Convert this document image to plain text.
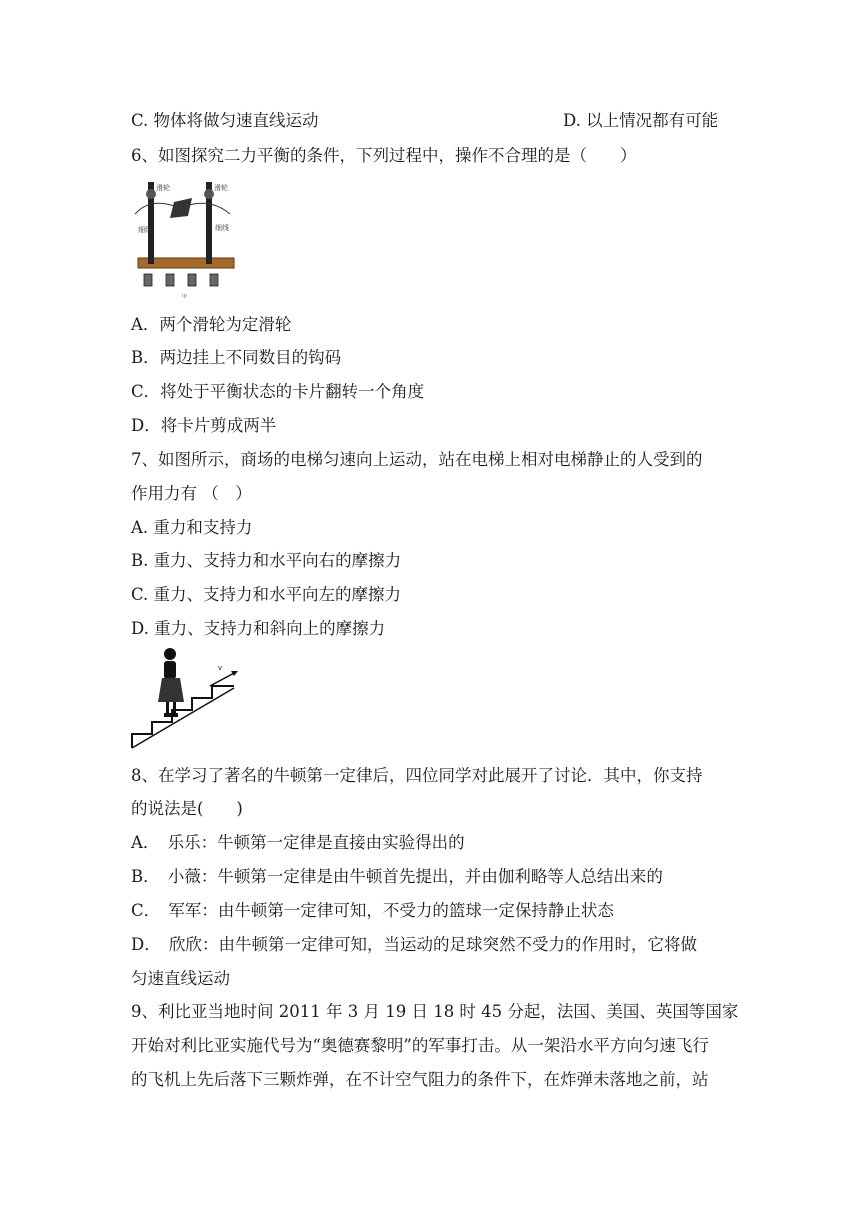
C. 物体将做匀速直线运动	D. 以上情况都有可能
6、如图探究二力平衡的条件，下列过程中，操作不合理的是（　　）
滑轮	滑轮
细线	细线
甲
A．两个滑轮为定滑轮
B．两边挂上不同数目的钩码
C．将处于平衡状态的卡片翻转一个角度
D．将卡片剪成两半
7、如图所示，商场的电梯匀速向上运动，站在电梯上相对电梯静止的人受到的
作用力有 （　）
A. 重力和支持力
B. 重力、支持力和水平向右的摩擦力
C. 重力、支持力和水平向左的摩擦力
D. 重力、支持力和斜向上的摩擦力
v
8、在学习了著名的牛顿第一定律后，四位同学对此展开了讨论．其中，你支持
的说法是(　　)
A．　乐乐：牛顿第一定律是直接由实验得出的
B．　小薇：牛顿第一定律是由牛顿首先提出，并由伽利略等人总结出来的
C．　军军：由牛顿第一定律可知，不受力的篮球一定保持静止状态
D．　欣欣：由牛顿第一定律可知，当运动的足球突然不受力的作用时，它将做
匀速直线运动
9、利比亚当地时间 2011 年 3 月 19 日 18 时 45 分起，法国、美国、英国等国家
开始对利比亚实施代号为“奥德赛黎明”的军事打击。从一架沿水平方向匀速飞行
的飞机上先后落下三颗炸弹，在不计空气阻力的条件下，在炸弹未落地之前，站
